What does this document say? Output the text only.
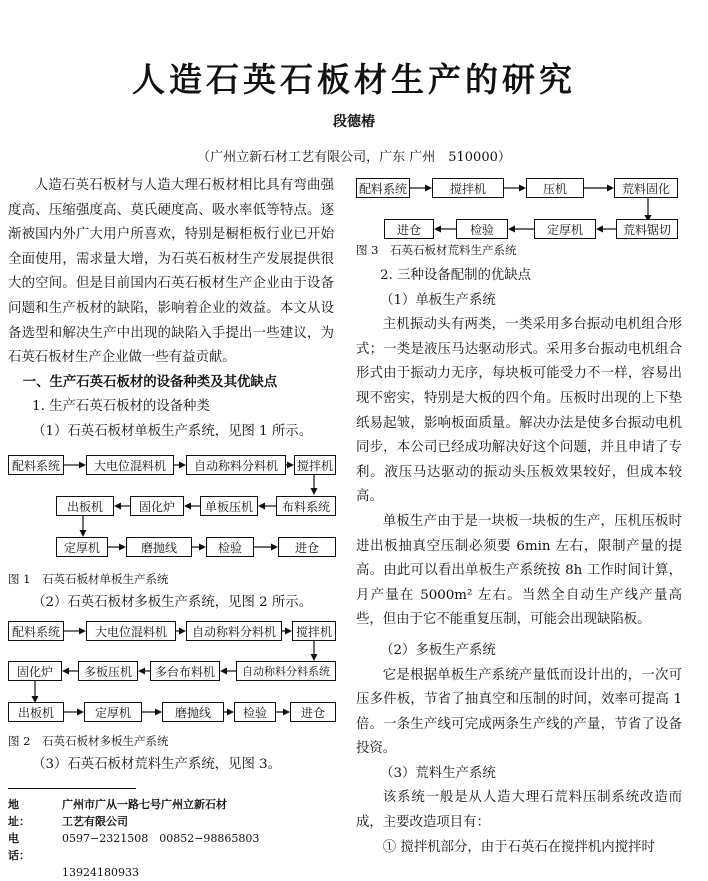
人造石英石板材生产的研究
段德椿
（广州立新石材工艺有限公司，广东 广州　510000）

人造石英石板材与人造大理石板材相比具有弯曲强度高、压缩强度高、莫氏硬度高、吸水率低等特点。逐渐被国内外广大用户所喜欢，特别是橱柜板行业已开始全面使用，需求量大增，为石英石板材生产发展提供很大的空间。但是目前国内石英石板材生产企业由于设备问题和生产板材的缺陷，影响着企业的效益。本文从设备选型和解决生产中出现的缺陷入手提出一些建议，为石英石板材生产企业做一些有益贡献。

一、生产石英石板材的设备种类及其优缺点

1. 生产石英石板材的设备种类

（1）石英石板材单板生产系统，见图 1 所示。

配料系统	大电位混料机	自动称料分料机	搅拌机
出板机	固化炉	单板压机	布料系统
定厚机	磨抛线	检验	进仓

图 1　石英石板材单板生产系统

（2）石英石板材多板生产系统，见图 2 所示。

配料系统	大电位混料机	自动称料分料机	搅拌机
固化炉	多板压机	多台布料机	自动称料分料系统
出板机	定厚机	磨抛线	检验	进仓

图 2　石英石板材多板生产系统

（3）石英石板材荒料生产系统，见图 3。

配料系统	搅拌机	压机	荒料固化
进仓	检验	定厚机	荒料锯切

图 3　石英石板材荒料生产系统

2. 三种设备配制的优缺点

（1）单板生产系统

主机振动头有两类，一类采用多台振动电机组合形式；一类是液压马达驱动形式。采用多台振动电机组合形式由于振动力无序，每块板可能受力不一样，容易出现不密实，特别是大板的四个角。压板时出现的上下垫纸易起皱，影响板面质量。解决办法是使多台振动电机同步，本公司已经成功解决好这个问题，并且申请了专利。液压马达驱动的振动头压板效果较好，但成本较高。

单板生产由于是一块板一块板的生产，压机压板时进出板抽真空压制必须要 6min 左右，限制产量的提高。由此可以看出单板生产系统按 8h 工作时间计算，月产量在 5000m² 左右。当然全自动生产线产量高些，但由于它不能重复压制，可能会出现缺陷板。

（2）多板生产系统

它是根据单板生产系统产量低而设计出的，一次可压多件板，节省了抽真空和压制的时间，效率可提高 1 倍。一条生产线可完成两条生产线的产量，节省了设备投资。

（3）荒料生产系统

该系统一般是从人造大理石荒料压制系统改造而成，主要改造项目有：

① 搅拌机部分，由于石英石在搅拌机内搅拌时

地　　址：
广州市广从一路七号广州立新石材工艺有限公司
电　　话：
0597−2321508　00852−98865803
13924180933
